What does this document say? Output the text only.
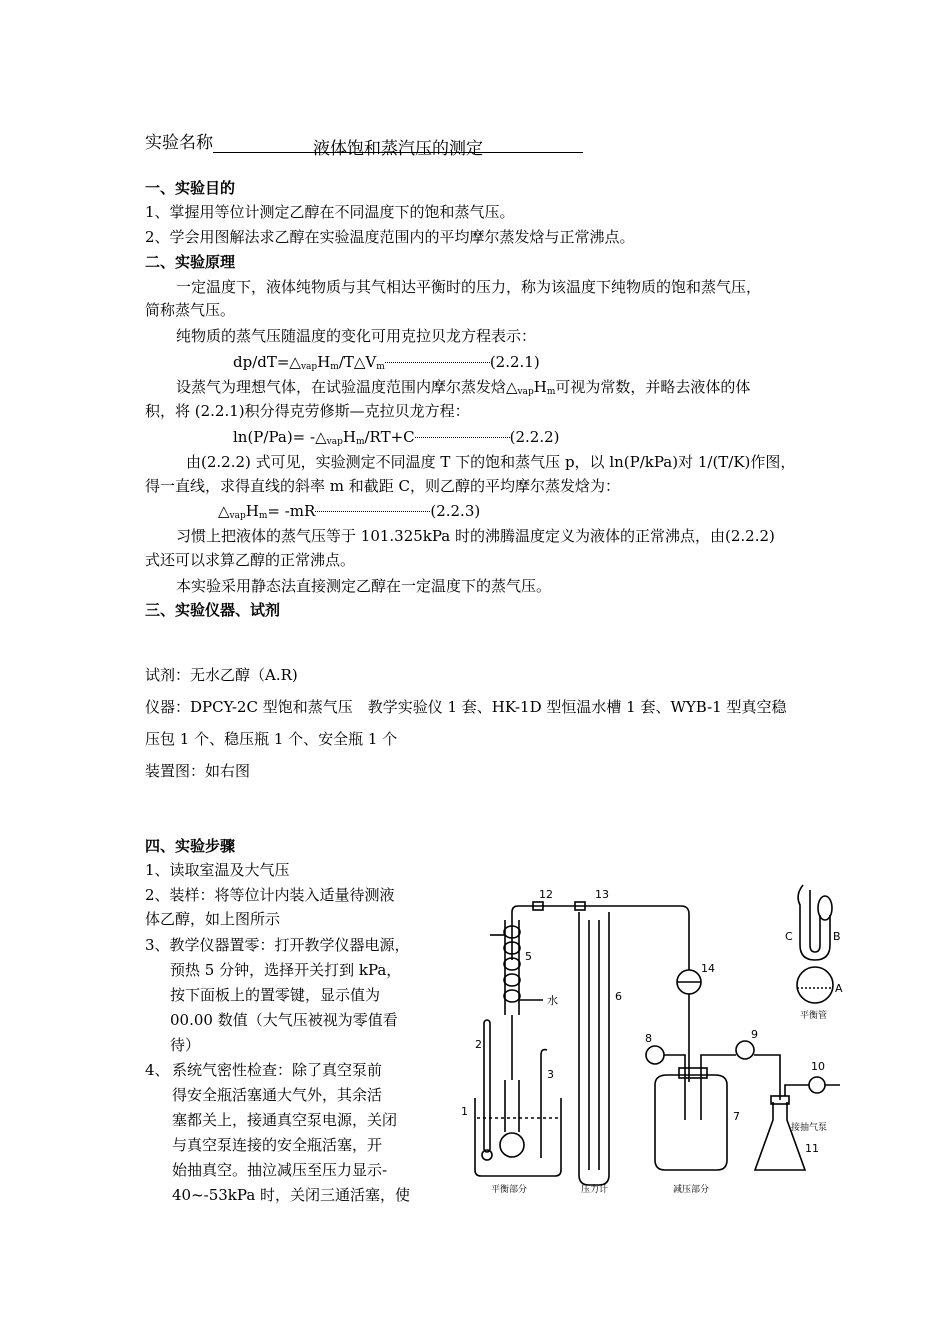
实验名称	液体饱和蒸汽压的测定
一、实验目的
1、掌握用等位计测定乙醇在不同温度下的饱和蒸气压。
2、学会用图解法求乙醇在实验温度范围内的平均摩尔蒸发焓与正常沸点。
二、实验原理
一定温度下，液体纯物质与其气相达平衡时的压力，称为该温度下纯物质的饱和蒸气压，
简称蒸气压。
纯物质的蒸气压随温度的变化可用克拉贝龙方程表示：
$dp/dT=\triangle_{vap}H_m/T\triangle V_m$	(2.2.1)
设蒸气为理想气体，在试验温度范围内摩尔蒸发焓$\triangle_{vap}H_m$可视为常数，并略去液体的体
积，将 (2.2.1)积分得克劳修斯—克拉贝龙方程：
$\ln(P/Pa)= -\triangle_{vap}H_m/RT+C$	(2.2.2)
由(2.2.2) 式可见，实验测定不同温度 T 下的饱和蒸气压 p，以 ln(P/kPa)对 1/(T/K)作图，
得一直线，求得直线的斜率 m 和截距 C，则乙醇的平均摩尔蒸发焓为：
$\triangle_{vap}H_m= -mR$	(2.2.3)
习惯上把液体的蒸气压等于 101.325kPa 时的沸腾温度定义为液体的正常沸点，由(2.2.2)
式还可以求算乙醇的正常沸点。
本实验采用静态法直接测定乙醇在一定温度下的蒸气压。
三、实验仪器、试剂
试剂：无水乙醇（A.R)
仪器：DPCY-2C 型饱和蒸气压　教学实验仪 1 套、HK-1D 型恒温水槽 1 套、WYB-1 型真空稳
压包 1 个、稳压瓶 1 个、安全瓶 1 个
装置图：如右图
四、实验步骤
1、读取室温及大气压
2、装样：将等位计内装入适量待测液
体乙醇，如上图所示
3、教学仪器置零：打开教学仪器电源，
预热 5 分钟，选择开关打到 kPa，
按下面板上的置零键，显示值为
00.00 数值（大气压被视为零值看
待）
4、 系统气密性检查：除了真空泵前
得安全瓶活塞通大气外，其余活
塞都关上，接通真空泵电源，关闭
与真空泵连接的安全瓶活塞，开
始抽真空。抽泣减压至压力显示-
40~-53kPa 时，关闭三通活塞，使
1
2
3
5
6
7
8	9
10
11
12	13
14
水
A
B
C
平衡部分	压力计	减压部分
接抽气泵
平衡管
